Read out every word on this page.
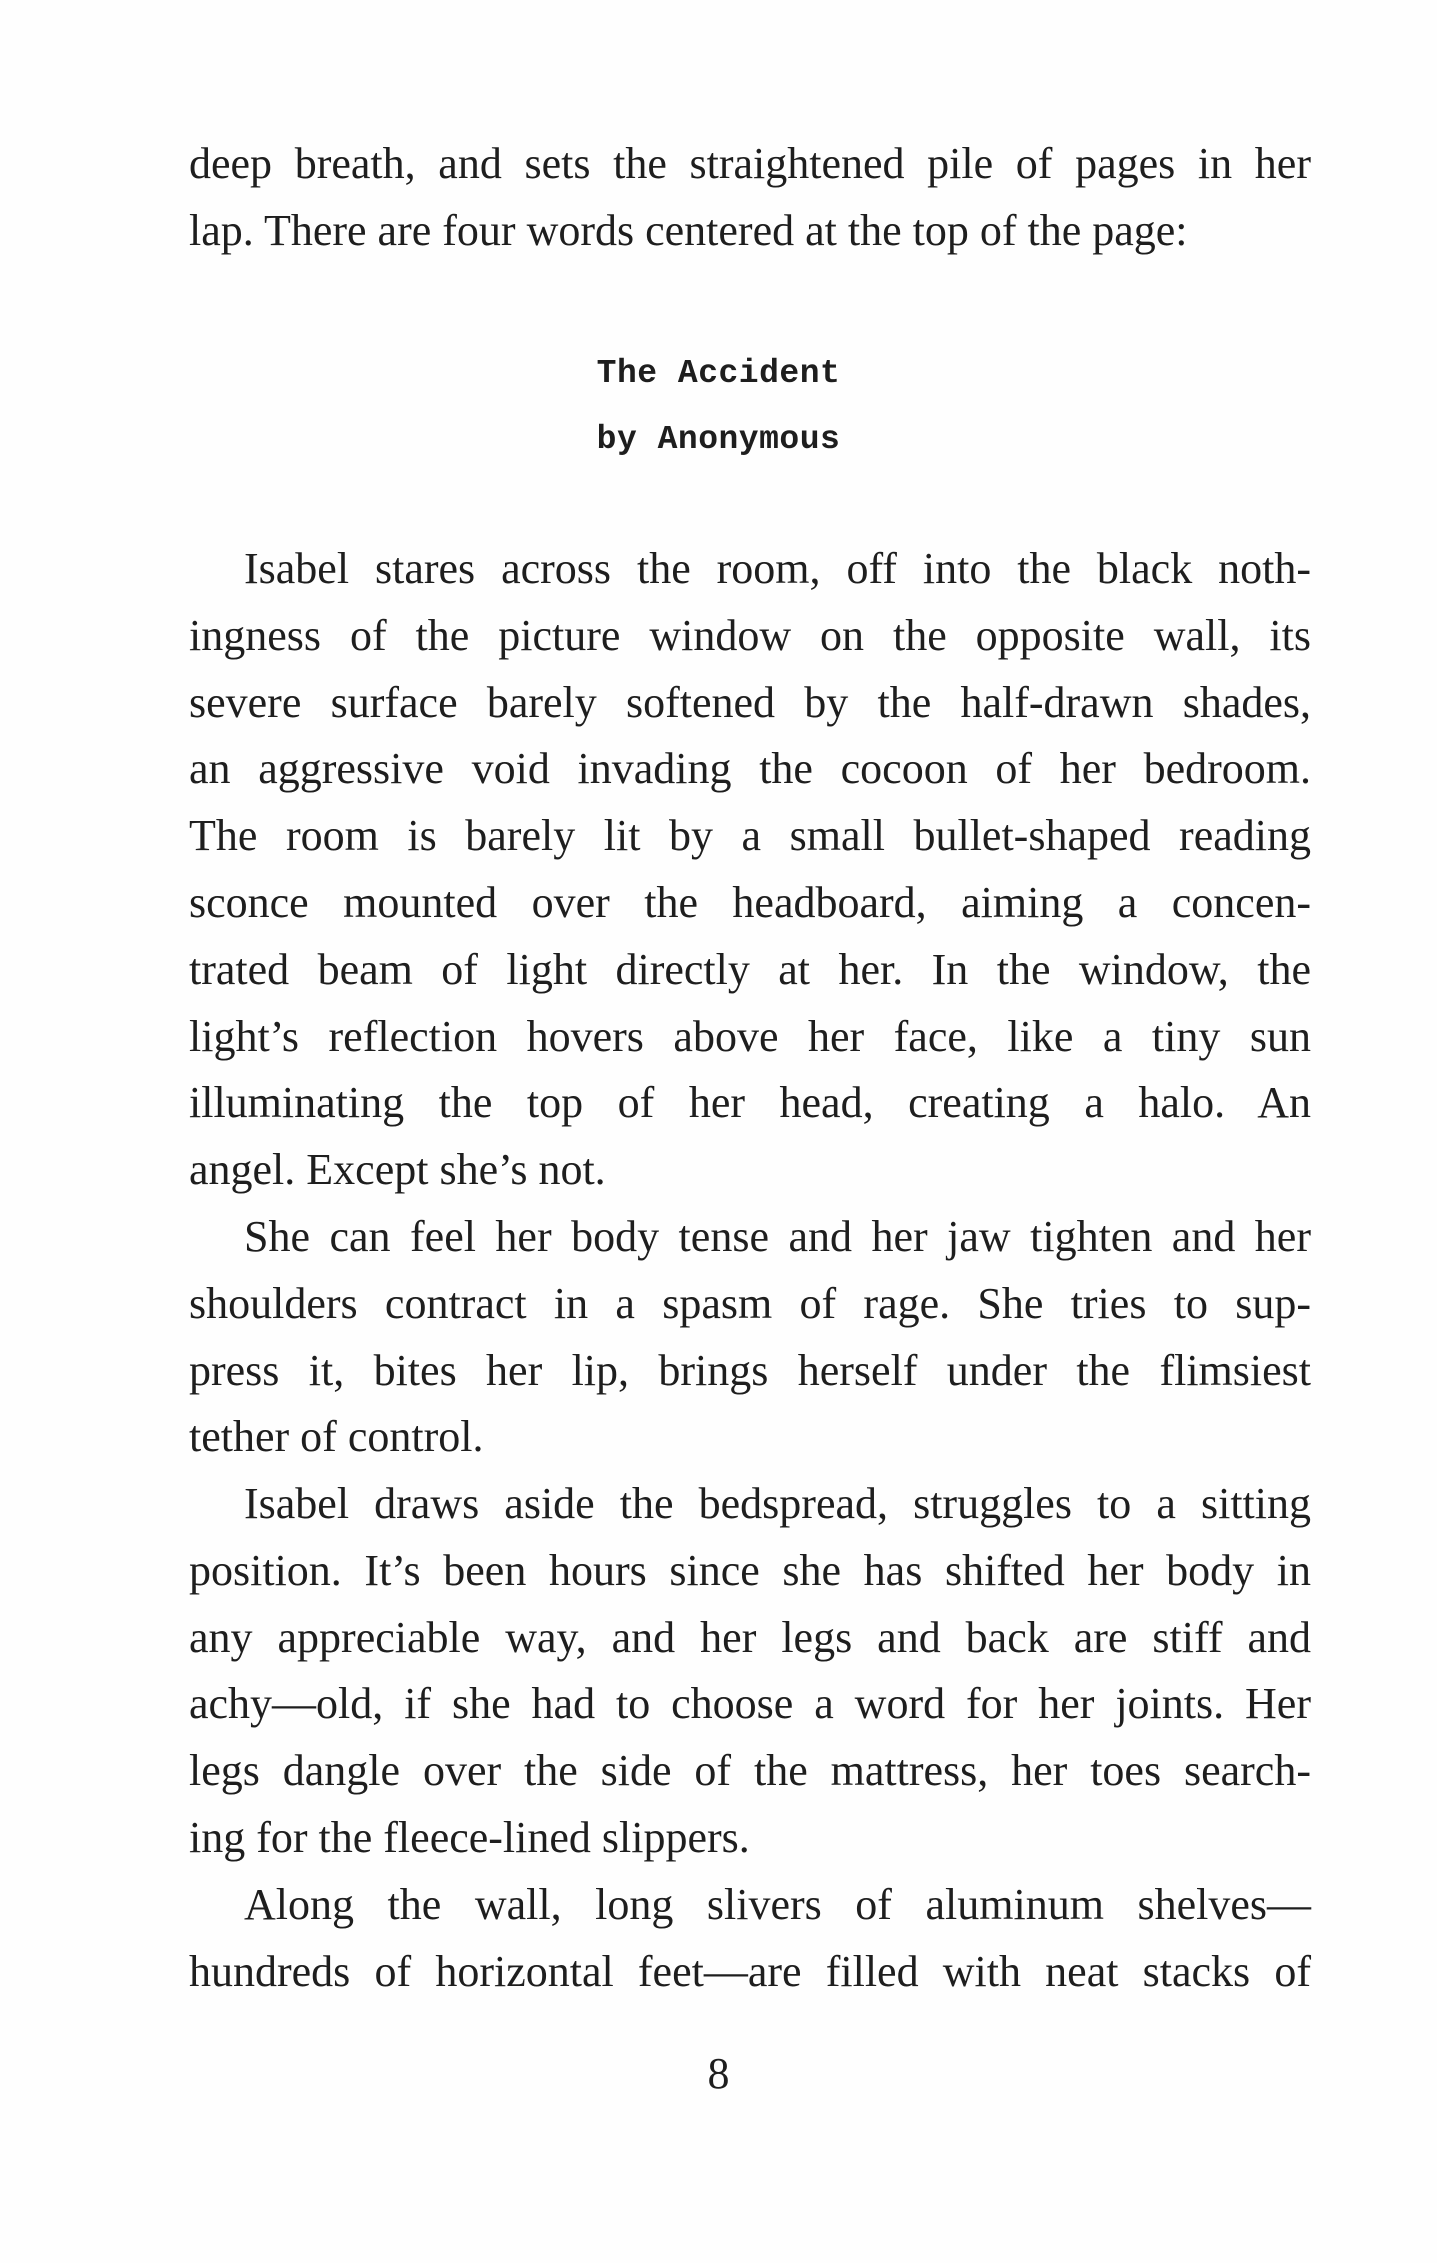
deep breath, and sets the straightened pile of pages in her
lap. There are four words centered at the top of the page:
The Accident
by Anonymous
Isabel stares across the room, off into the black noth-
ingness of the picture window on the opposite wall, its
severe surface barely softened by the half-drawn shades,
an aggressive void invading the cocoon of her bedroom.
The room is barely lit by a small bullet-shaped reading
sconce mounted over the headboard, aiming a concen-
trated beam of light directly at her. In the window, the
light’s reflection hovers above her face, like a tiny sun
illuminating the top of her head, creating a halo. An
angel. Except she’s not.
She can feel her body tense and her jaw tighten and her
shoulders contract in a spasm of rage. She tries to sup-
press it, bites her lip, brings herself under the flimsiest
tether of control.
Isabel draws aside the bedspread, struggles to a sitting
position. It’s been hours since she has shifted her body in
any appreciable way, and her legs and back are stiff and
achy—old, if she had to choose a word for her joints. Her
legs dangle over the side of the mattress, her toes search-
ing for the fleece-lined slippers.
Along the wall, long slivers of aluminum shelves—
hundreds of horizontal feet—are filled with neat stacks of
8
